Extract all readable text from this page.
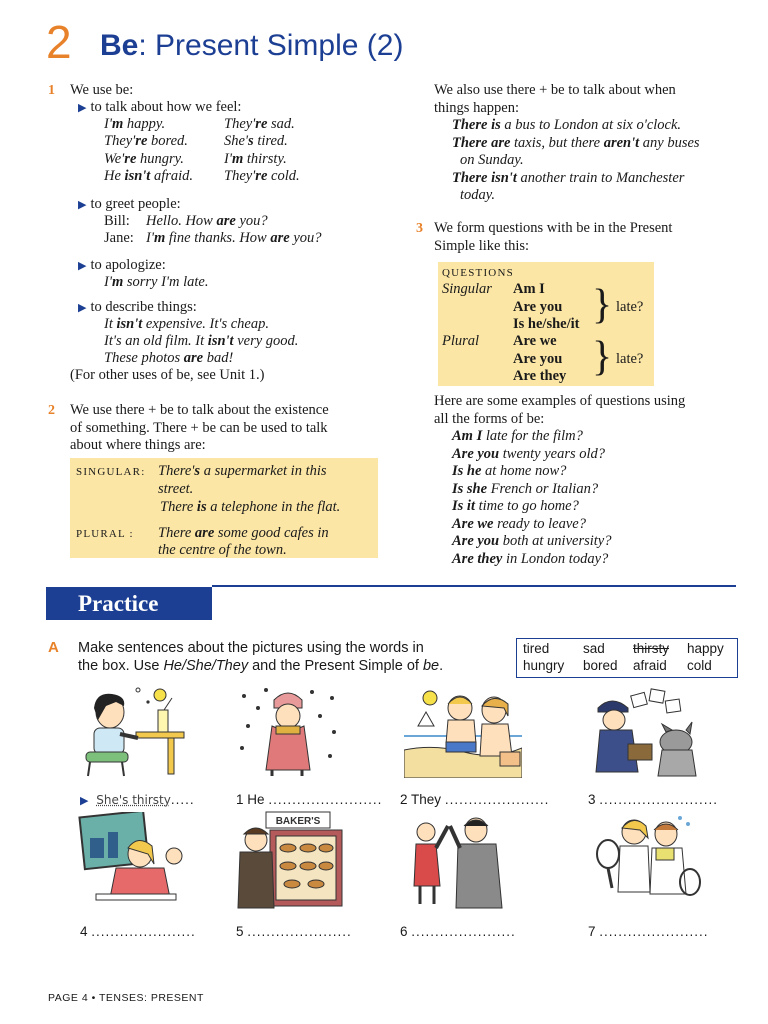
2 Be: Present Simple (2)
1 We use be:
▶ to talk about how we feel:
I'm happy.	They're sad.
They're bored. She's tired.
We're hungry.	I'm thirsty.
He isn't afraid. They're cold.
▶ to greet people:
Bill: Hello. How are you?
Jane: I'm fine thanks. How are you?
▶ to apologize:
I'm sorry I'm late.
▶ to describe things:
It isn't expensive. It's cheap.
It's an old film. It isn't very good.
These photos are bad!
(For other uses of be, see Unit 1.)
2 We use there + be to talk about the existence
of something. There + be can be used to talk
about where things are:
SINGULAR: There's a supermarket in this
street.
There is a telephone in the flat.
PLURAL : There are some good cafes in
the centre of the town.
We also use there + be to talk about when
things happen:
There is a bus to London at six o'clock.
There are taxis, but there aren't any buses
on Sunday.
There isn't another train to Manchester
today.
3 We form questions with be in the Present
Simple like this:
QUESTIONS
Singular Am I
Are you
Is he/she/it } late?
Plural Are we
Are you
Are they } late?
Here are some examples of questions using
all the forms of be:
Am I late for the film?
Are you twenty years old?
Is he at home now?
Is she French or Italian?
Is it time to go home?
Are we ready to leave?
Are you both at university?
Are they in London today?
Practice
A Make sentences about the pictures using the words in
the box. Use He/She/They and the Present Simple of be.
tired sad thirsty happy
hungry bored afraid cold
▶ She's thirsty.....	1 He ........................ 2 They ......................	3 .........................
BAKER'S
4 ......................	5 ......................	6 ......................	7 .......................
PAGE 4 • TENSES: PRESENT
